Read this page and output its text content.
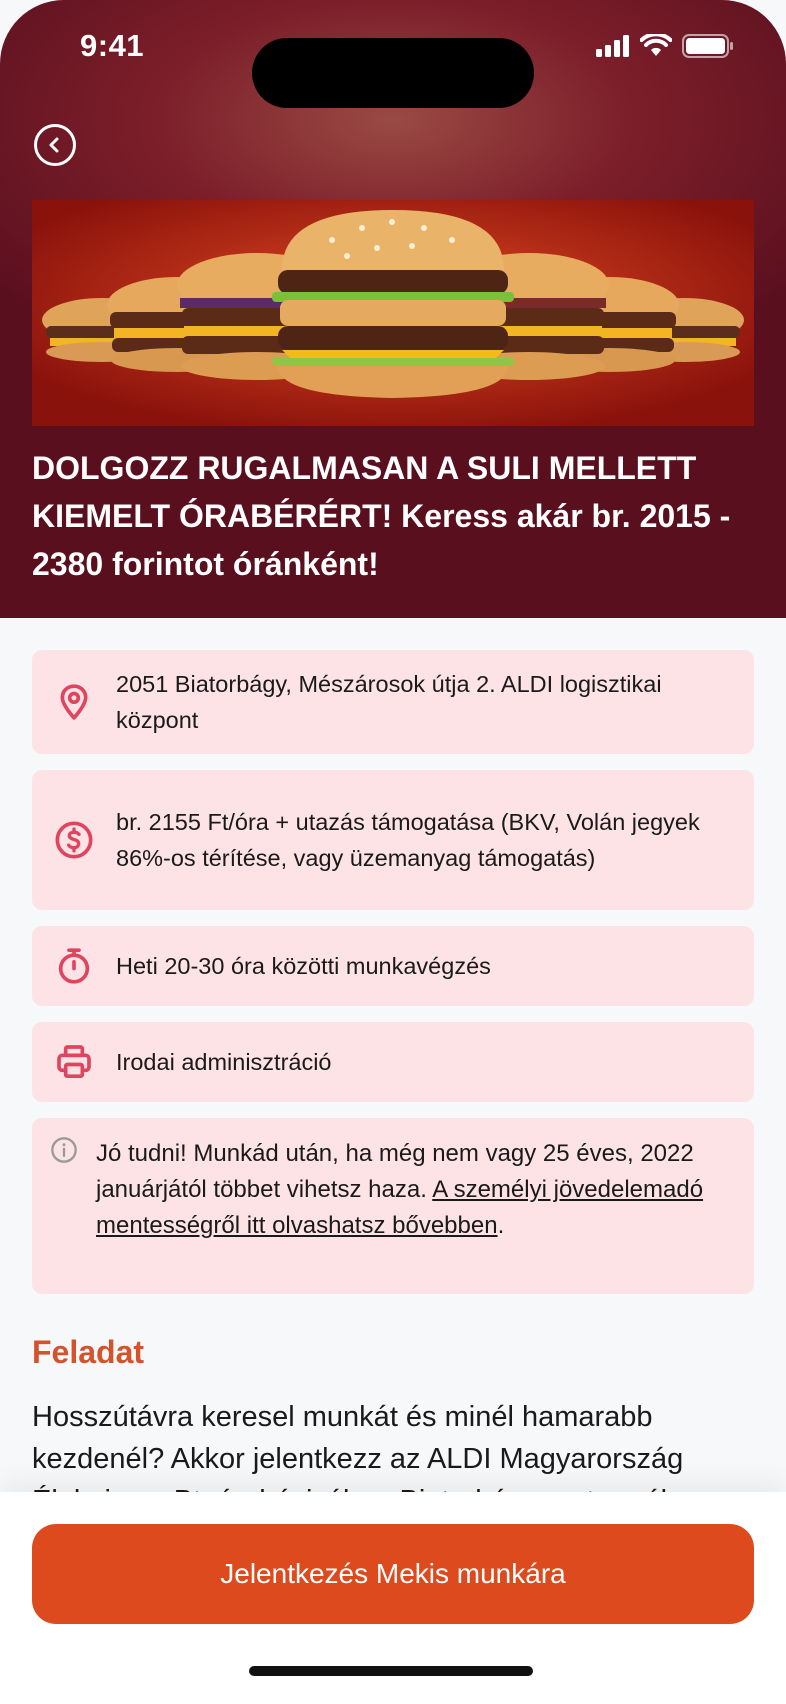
9:41
DOLGOZZ RUGALMASAN A SULI MELLETT KIEMELT ÓRABÉRÉRT! Keress akár br. 2015 - 2380 forintot óránként!
2051 Biatorbágy, Mészárosok útja 2. ALDI logisztikai központ
br. 2155 Ft/óra + utazás támogatása (BKV, Volán jegyek 86%-os térítése, vagy üzemanyag támogatás)
Heti 20-30 óra közötti munkavégzés
Irodai adminisztráció
Jó tudni! Munkád után, ha még nem vagy 25 éves, 2022 januárjától többet vihetsz haza. A személyi jövedelemadó mentességről itt olvashatsz bővebben.
Feladat
Hosszútávra keresel munkát és minél hamarabb kezdenél? Akkor jelentkezz az ALDI Magyarország
Jelentkezés Mekis munkára
